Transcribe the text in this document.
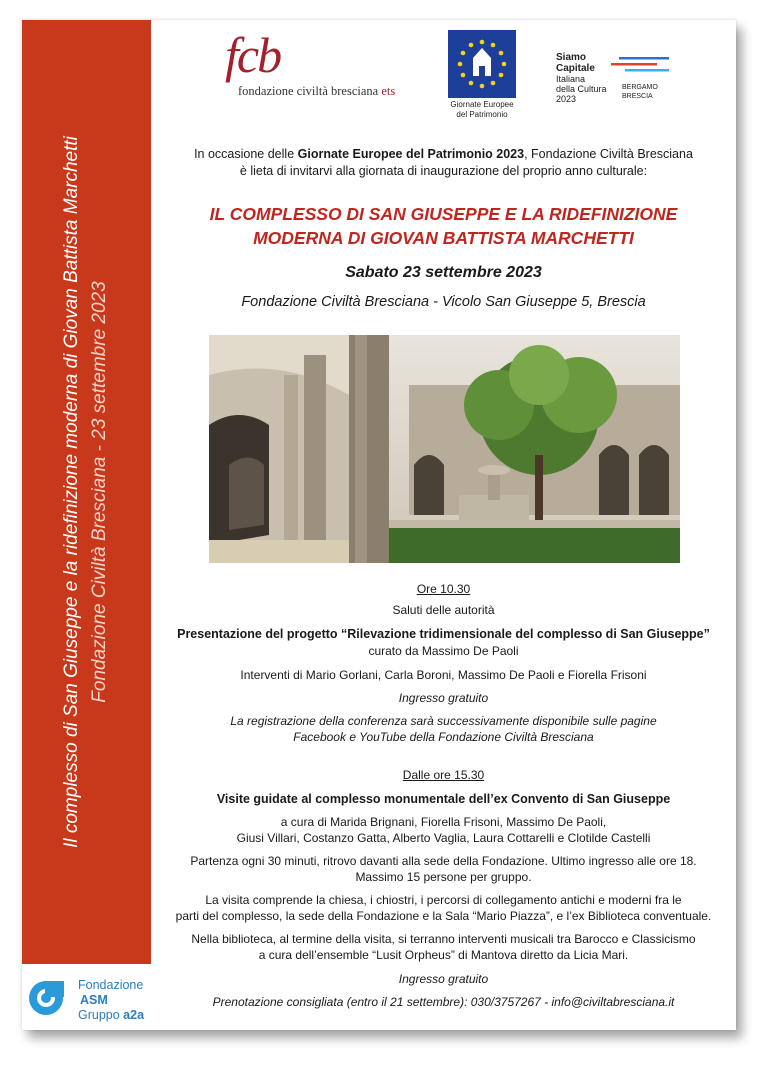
Il complesso di San Giuseppe e la ridefinizione moderna di Giovan Battista Marchetti Fondazione Civiltà Bresciana - 23 settembre 2023
Fondazione
ASM
Gruppo a2a
fcb
fondazione civiltà bresciana ets
Giornate Europee
del Patrimonio
Siamo
Capitale
Italiana
della Cultura
2023
BERGAMO
BRESCIA
In occasione delle Giornate Europee del Patrimonio 2023, Fondazione Civiltà Bresciana
è lieta di invitarvi alla giornata di inaugurazione del proprio anno culturale:
IL COMPLESSO DI SAN GIUSEPPE E LA RIDEFINIZIONE
MODERNA DI GIOVAN BATTISTA MARCHETTI
Sabato 23 settembre 2023
Fondazione Civiltà Bresciana - Vicolo San Giuseppe 5, Brescia
Ore 10.30
Saluti delle autorità
Presentazione del progetto “Rilevazione tridimensionale del complesso di San Giuseppe”
curato da Massimo De Paoli
Interventi di Mario Gorlani, Carla Boroni, Massimo De Paoli e Fiorella Frisoni
Ingresso gratuito
La registrazione della conferenza sarà successivamente disponibile sulle pagine
Facebook e YouTube della Fondazione Civiltà Bresciana
Dalle ore 15.30
Visite guidate al complesso monumentale dell’ex Convento di San Giuseppe
a cura di Marida Brignani, Fiorella Frisoni, Massimo De Paoli,
Giusi Villari, Costanzo Gatta, Alberto Vaglia, Laura Cottarelli e Clotilde Castelli
Partenza ogni 30 minuti, ritrovo davanti alla sede della Fondazione. Ultimo ingresso alle ore 18.
Massimo 15 persone per gruppo.
La visita comprende la chiesa, i chiostri, i percorsi di collegamento antichi e moderni fra le
parti del complesso, la sede della Fondazione e la Sala “Mario Piazza”, e l’ex Biblioteca conventuale.
Nella biblioteca, al termine della visita, si terranno interventi musicali tra Barocco e Classicismo
a cura dell’ensemble “Lusit Orpheus” di Mantova diretto da Licia Mari.
Ingresso gratuito
Prenotazione consigliata (entro il 21 settembre): 030/3757267 - info@civiltabresciana.it
